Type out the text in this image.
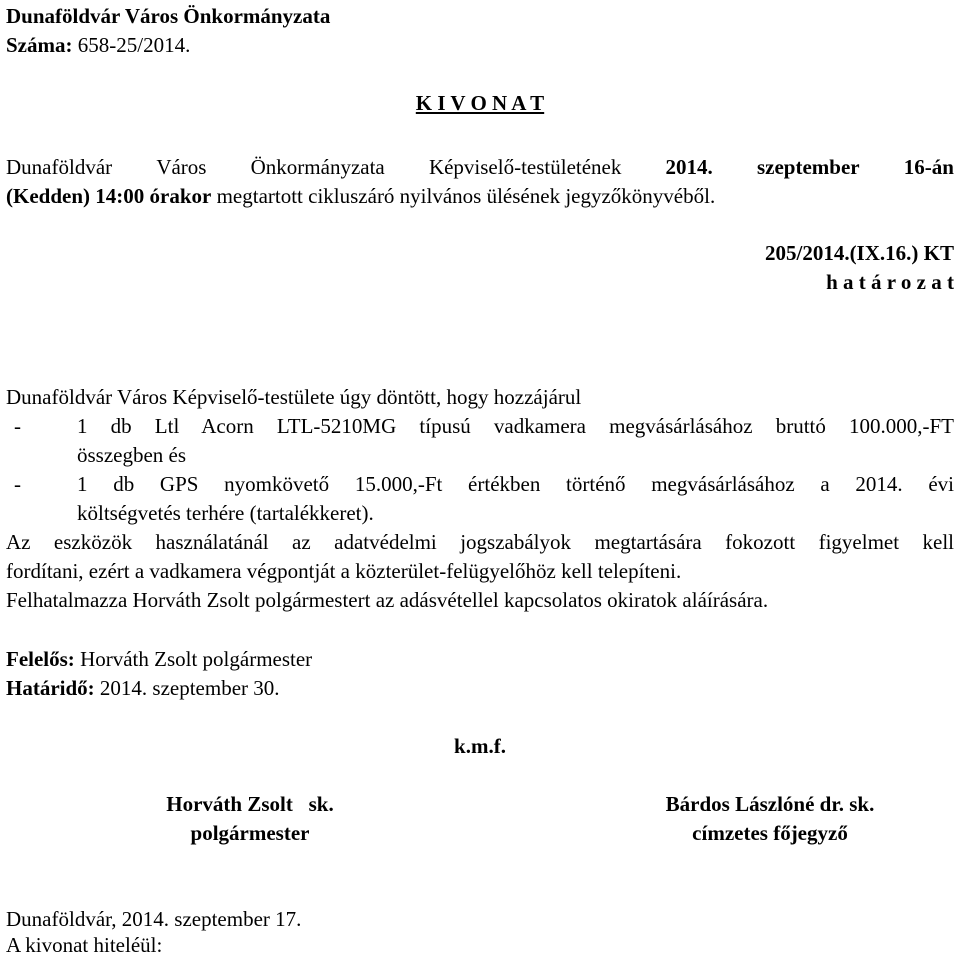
Dunaföldvár Város Önkormányzata
Száma: 658-25/2014.
K I V O N A T
Dunaföldvár Város Önkormányzata Képviselő-testületének 2014. szeptember 16-án
(Kedden) 14:00 órakor megtartott cikluszáró nyilvános ülésének jegyzőkönyvéből.
205/2014.(IX.16.) KT
h a t á r o z a t
Dunaföldvár Város Képviselő-testülete úgy döntött, hogy hozzájárul
-	1 db Ltl Acorn LTL-5210MG típusú vadkamera megvásárlásához bruttó 100.000,-FT
összegben és
-	1 db GPS nyomkövető 15.000,-Ft értékben történő megvásárlásához a 2014. évi
költségvetés terhére (tartalékkeret).
Az eszközök használatánál az adatvédelmi jogszabályok megtartására fokozott figyelmet kell
fordítani, ezért a vadkamera végpontját a közterület-felügyelőhöz kell telepíteni.
Felhatalmazza Horváth Zsolt polgármestert az adásvétellel kapcsolatos okiratok aláírására.
Felelős: Horváth Zsolt polgármester
Határidő: 2014. szeptember 30.
k.m.f.
Horváth Zsolt   sk.
polgármester
Bárdos Lászlóné dr. sk.
címzetes főjegyző
Dunaföldvár, 2014. szeptember 17.
A kivonat hiteléül:
